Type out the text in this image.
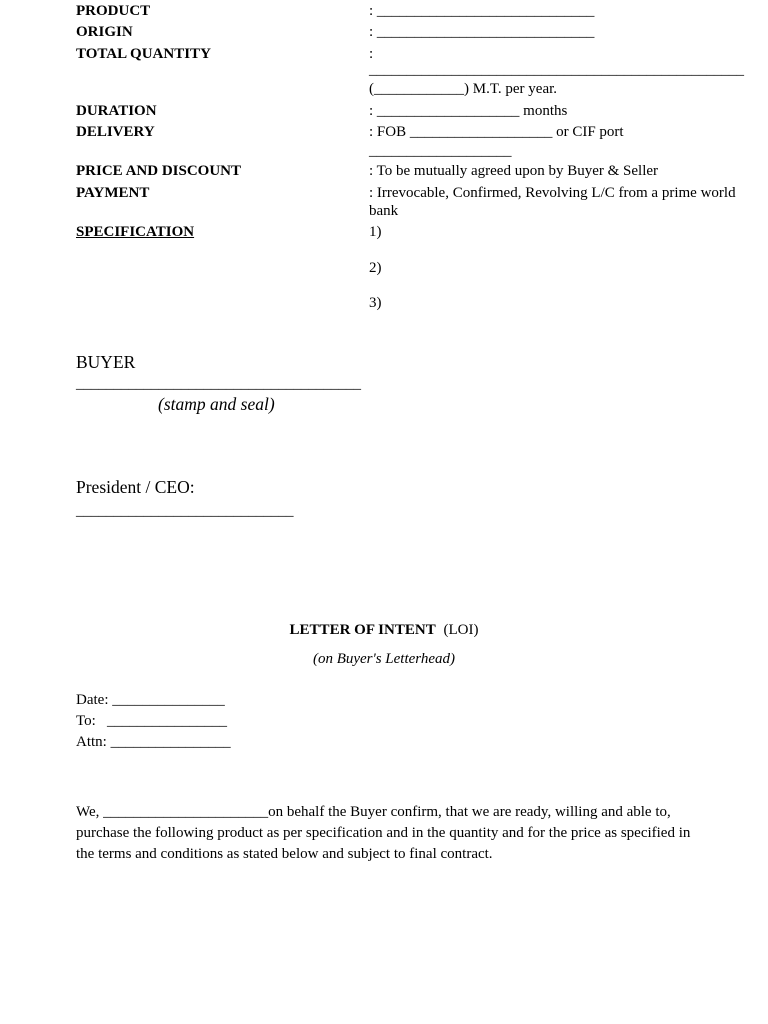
PRODUCT	: _____________________________
ORIGIN	: _____________________________
TOTAL QUANTITY	:
__________________________________________________
(____________) M.T. per year.
DURATION	: ___________________ months
DELIVERY	: FOB ___________________ or CIF port
___________________
PRICE AND DISCOUNT	: To be mutually agreed upon by Buyer & Seller
PAYMENT	: Irrevocable, Confirmed, Revolving L/C from a prime world bank
SPECIFICATION	1)
2)
3)
BUYER
______________________________________
(stamp and seal)
President / CEO:
_____________________________
LETTER OF INTENT (LOI)
(on Buyer's Letterhead)
Date: _______________
To:   ________________
Attn: ________________
We, ______________________on behalf the Buyer confirm, that we are ready, willing and able to, purchase the following product as per specification and in the quantity and for the price as specified in the terms and conditions as stated below and subject to final contract.
